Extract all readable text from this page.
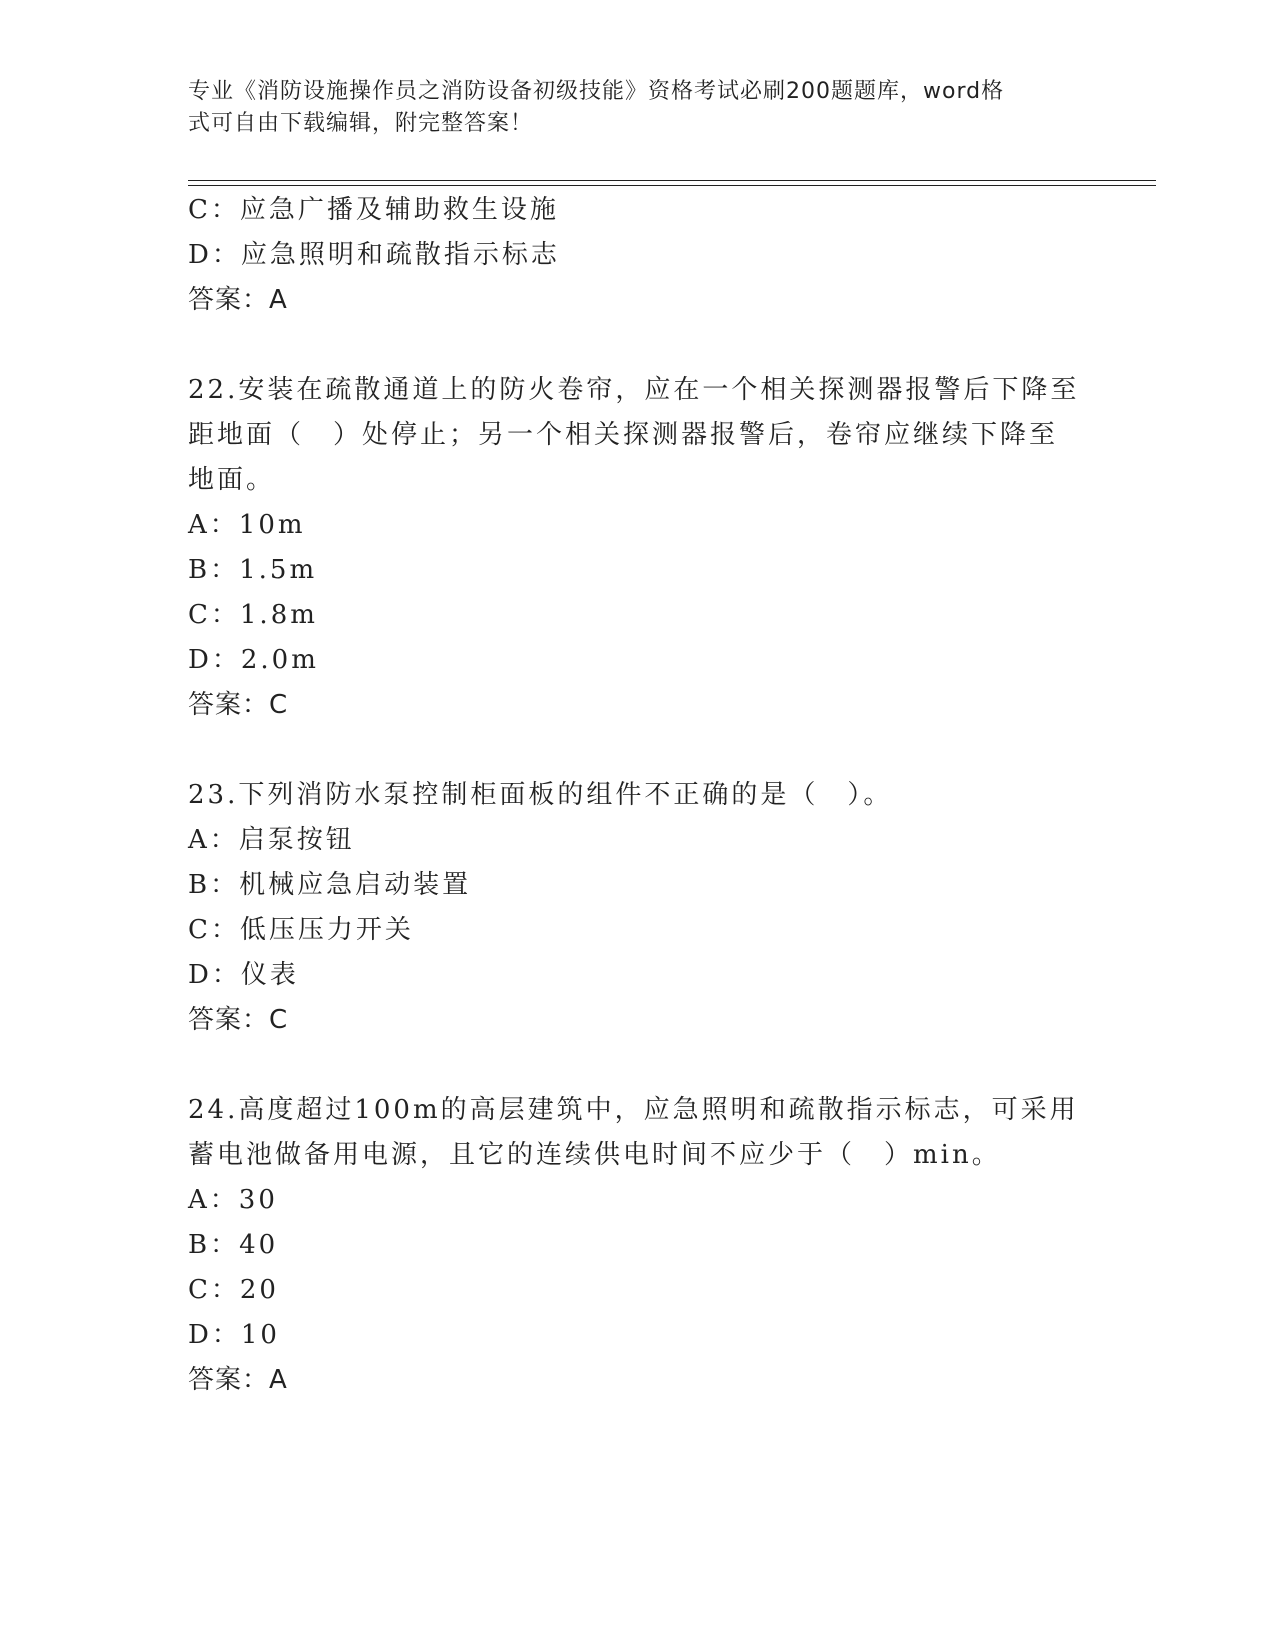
专业《消防设施操作员之消防设备初级技能》资格考试必刷200题题库，word格
式可自由下载编辑，附完整答案！
C：应急广播及辅助救生设施
D：应急照明和疏散指示标志
答案：A
22.安装在疏散通道上的防火卷帘，应在一个相关探测器报警后下降至
距地面（　）处停止；另一个相关探测器报警后，卷帘应继续下降至
地面。
A：10m
B：1.5m
C：1.8m
D：2.0m
答案：C
23.下列消防水泵控制柜面板的组件不正确的是（　）。
A：启泵按钮
B：机械应急启动装置
C：低压压力开关
D：仪表
答案：C
24.高度超过100m的高层建筑中，应急照明和疏散指示标志，可采用
蓄电池做备用电源，且它的连续供电时间不应少于（　）min。
A：30
B：40
C：20
D：10
答案：A
